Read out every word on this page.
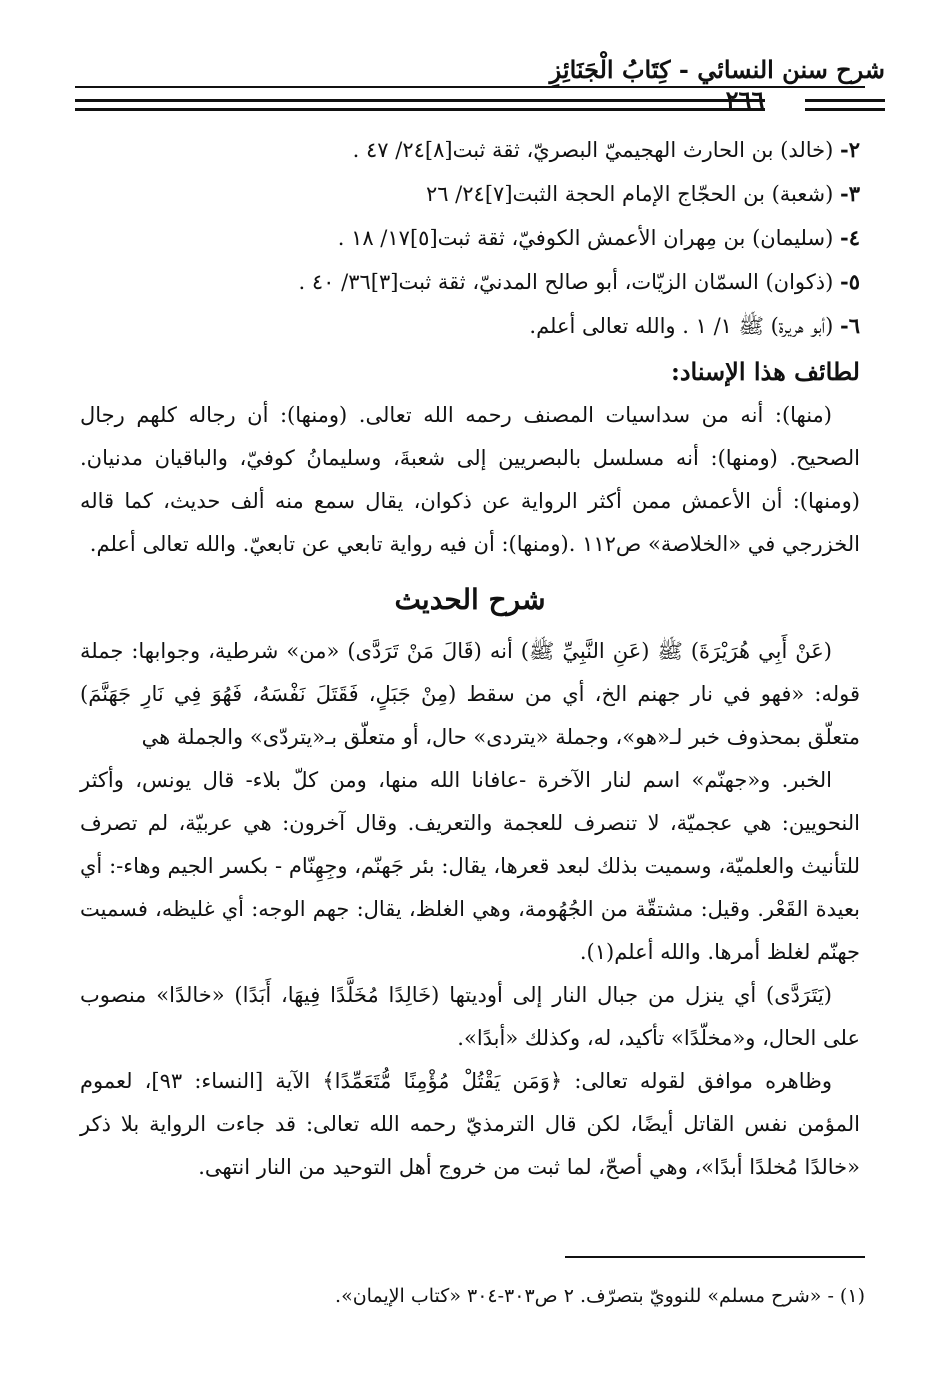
شرح سنن النسائي - كِتَابُ الْجَنَائِزِ
٢٦٦
٢- (خالد) بن الحارث الهجيميّ البصريّ، ثقة ثبت[٨]٢٤/ ٤٧ .
٣- (شعبة) بن الحجّاج الإمام الحجة الثبت[٧]٢٤/ ٢٦
٤- (سليمان) بن مِهران الأعمش الكوفيّ، ثقة ثبت[٥]١٧/ ١٨ .
٥- (ذكوان) السمّان الزيّات، أبو صالح المدنيّ، ثقة ثبت[٣]٣٦/ ٤٠ .
٦- (أبو هريرة) ﷺ ١/ ١ . والله تعالى أعلم.
لطائف هذا الإسناد:

(منها): أنه من سداسيات المصنف رحمه الله تعالى. (ومنها): أن رجاله كلهم رجال الصحيح. (ومنها): أنه مسلسل بالبصريين إلى شعبةَ، وسليمانُ كوفيّ، والباقيان مدنيان. (ومنها): أن الأعمش ممن أكثر الرواية عن ذكوان، يقال سمع منه ألف حديث، كما قاله الخزرجي في «الخلاصة» ص١١٢ .(ومنها): أن فيه رواية تابعي عن تابعيّ. والله تعالى أعلم.

شرح الحديث

(عَنْ أَبِي هُرَيْرَةَ) ﷺ (عَنِ النَّبِيِّ ﷺ) أنه (قَالَ مَنْ تَرَدَّى) «من» شرطية، وجوابها: جملة قوله: «فهو في نار جهنم الخ، أي من سقط (مِنْ جَبَلٍ، فَقَتَلَ نَفْسَهُ، فَهُوَ فِي نَارِ جَهَنَّمَ) متعلّق بمحذوف خبر لـ«هو»، وجملة «يتردى» حال، أو متعلّق بـ«يتردّى» والجملة هي

الخبر. و«جهنّم» اسم لنار الآخرة -عافانا الله منها، ومن كلّ بلاء- قال يونس، وأكثر النحويين: هي عجميّة، لا تنصرف للعجمة والتعريف. وقال آخرون: هي عربيّة، لم تصرف للتأنيث والعلميّة، وسميت بذلك لبعد قعرها، يقال: بئر جَهنّم، وجِهِنّام - بكسر الجيم وهاء-: أي بعيدة القَعْر. وقيل: مشتقّة من الجُهُومة، وهي الغلظ، يقال: جهم الوجه: أي غليظه، فسميت جهنّم لغلظ أمرها. والله أعلم(١).

(يَتَرَدَّى) أي ينزل من جبال النار إلى أوديتها (خَالِدًا مُخَلَّدًا فِيهَا، أَبَدًا) «خالدًا» منصوب على الحال، و«مخلّدًا» تأكيد، له، وكذلك «أبدًا».

وظاهره موافق لقوله تعالى: ﴿وَمَن يَقْتُلْ مُؤْمِنًا مُّتَعَمِّدًا﴾ الآية [النساء: ٩٣]، لعموم المؤمن نفس القاتل أيضًا، لكن قال الترمذيّ رحمه الله تعالى: قد جاءت الرواية بلا ذكر «خالدًا مُخلدًا أبدًا»، وهي أصحّ، لما ثبت من خروج أهل التوحيد من النار انتهى.

(١) - «شرح مسلم» للنوويّ بتصرّف. ٢ ص٣٠٣-٣٠٤ «كتاب الإيمان».
